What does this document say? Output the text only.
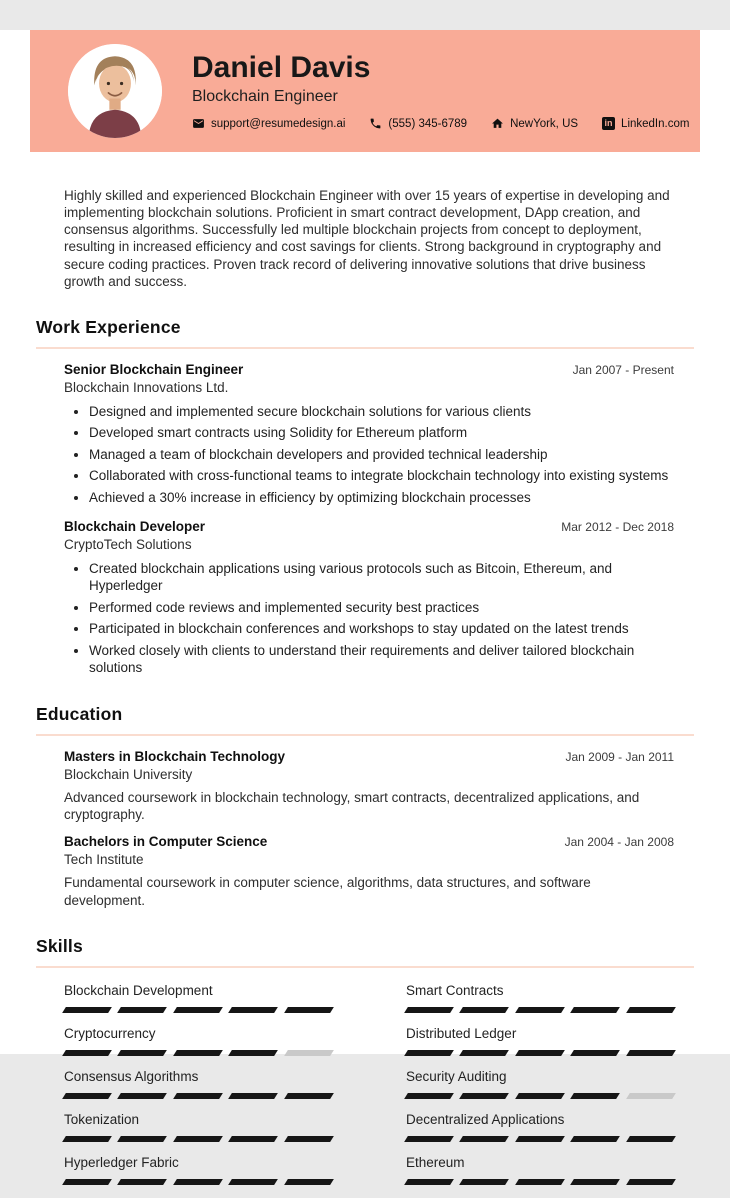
Daniel Davis
Blockchain Engineer
support@resumedesign.ai	(555) 345-6789	NewYork, US	in LinkedIn.com

Highly skilled and experienced Blockchain Engineer with over 15 years of expertise in developing and implementing blockchain solutions. Proficient in smart contract development, DApp creation, and consensus algorithms. Successfully led multiple blockchain projects from concept to deployment, resulting in increased efficiency and cost savings for clients. Strong background in cryptography and secure coding practices. Proven track record of delivering innovative solutions that drive business growth and success.

Work Experience
Senior Blockchain Engineer	Jan 2007 - Present
Blockchain Innovations Ltd.
• Designed and implemented secure blockchain solutions for various clients
• Developed smart contracts using Solidity for Ethereum platform
• Managed a team of blockchain developers and provided technical leadership
• Collaborated with cross-functional teams to integrate blockchain technology into existing systems
• Achieved a 30% increase in efficiency by optimizing blockchain processes
Blockchain Developer	Mar 2012 - Dec 2018
CryptoTech Solutions
• Created blockchain applications using various protocols such as Bitcoin, Ethereum, and Hyperledger
• Performed code reviews and implemented security best practices
• Participated in blockchain conferences and workshops to stay updated on the latest trends
• Worked closely with clients to understand their requirements and deliver tailored blockchain solutions
Education
Masters in Blockchain Technology	Jan 2009 - Jan 2011
Blockchain University
Advanced coursework in blockchain technology, smart contracts, decentralized applications, and cryptography.
Bachelors in Computer Science	Jan 2004 - Jan 2008
Tech Institute
Fundamental coursework in computer science, algorithms, data structures, and software development.
Skills
Blockchain Development	Smart Contracts
Cryptocurrency	Distributed Ledger
Consensus Algorithms	Security Auditing
Tokenization	Decentralized Applications
Hyperledger Fabric	Ethereum
